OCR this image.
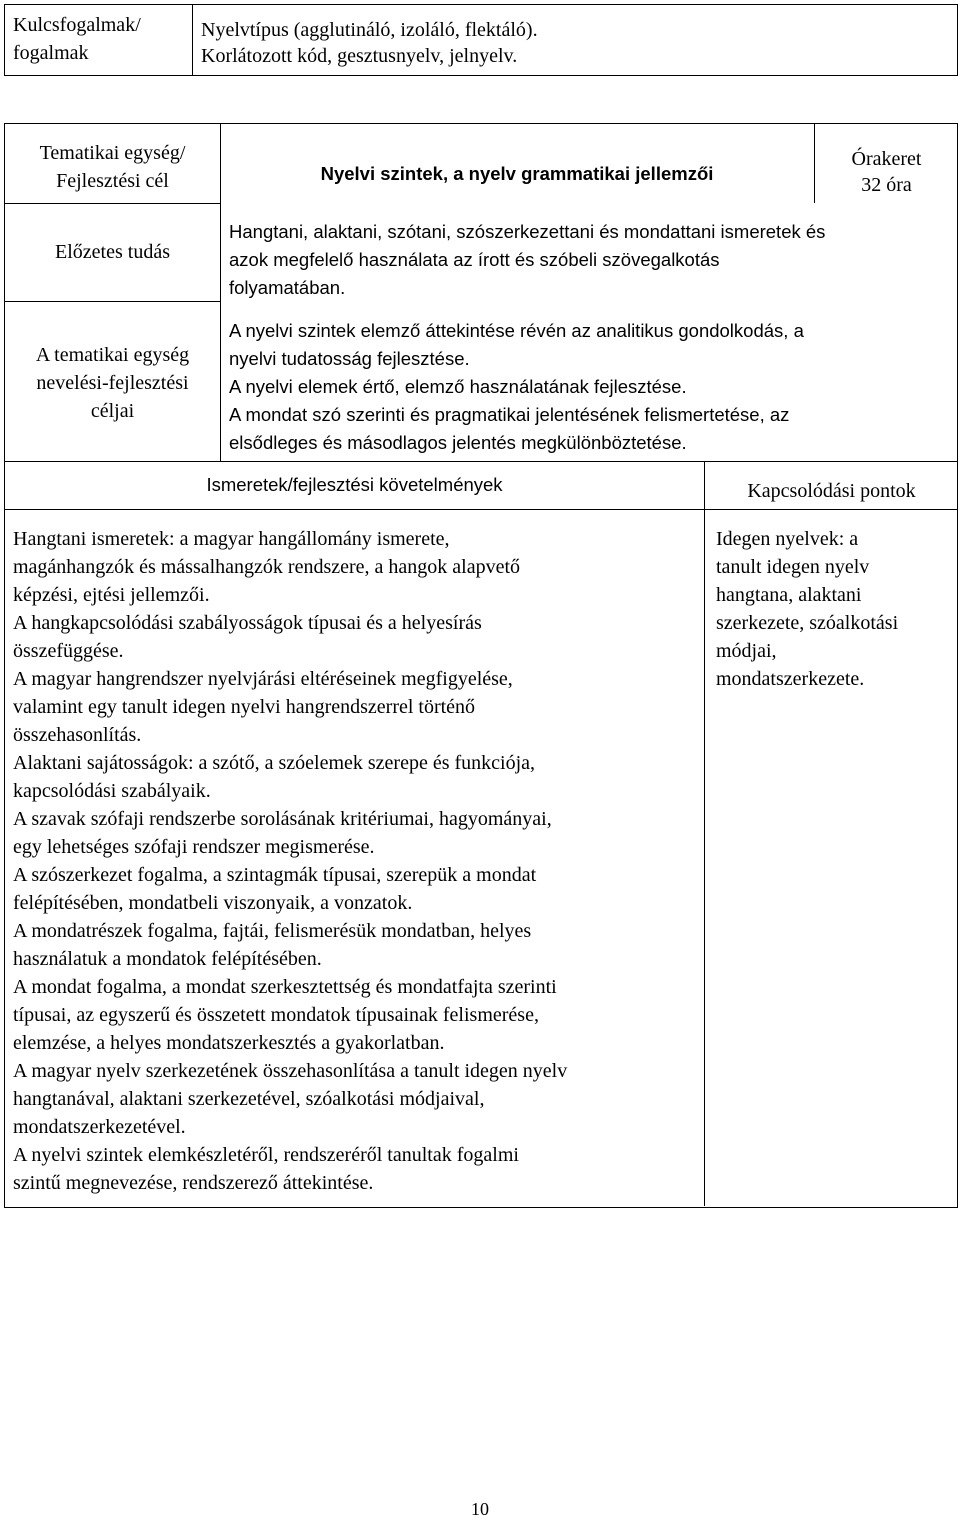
Kulcsfogalmak/
fogalmak
Nyelvtípus (agglutináló, izoláló, flektáló).
Korlátozott kód, gesztusnyelv, jelnyelv.
Tematikai egység/
Fejlesztési cél	Nyelvi szintek, a nyelv grammatikai jellemzői
Órakeret
32 óra
Előzetes tudás
Hangtani, alaktani, szótani, szószerkezettani és mondattani ismeretek és
azok megfelelő használata az írott és szóbeli szövegalkotás
folyamatában.
A tematikai egység
nevelési-fejlesztési
céljai
A nyelvi szintek elemző áttekintése révén az analitikus gondolkodás, a
nyelvi tudatosság fejlesztése.
A nyelvi elemek értő, elemző használatának fejlesztése.
A mondat szó szerinti és pragmatikai jelentésének felismertetése, az
elsődleges és másodlagos jelentés megkülönböztetése.
Ismeretek/fejlesztési követelmények	Kapcsolódási pontok
Hangtani ismeretek: a magyar hangállomány ismerete,
magánhangzók és mássalhangzók rendszere, a hangok alapvető
képzési, ejtési jellemzői.
A hangkapcsolódási szabályosságok típusai és a helyesírás
összefüggése.
A magyar hangrendszer nyelvjárási eltéréseinek megfigyelése,
valamint egy tanult idegen nyelvi hangrendszerrel történő
összehasonlítás.
Alaktani sajátosságok: a szótő, a szóelemek szerepe és funkciója,
kapcsolódási szabályaik.
A szavak szófaji rendszerbe sorolásának kritériumai, hagyományai,
egy lehetséges szófaji rendszer megismerése.
A szószerkezet fogalma, a szintagmák típusai, szerepük a mondat
felépítésében, mondatbeli viszonyaik, a vonzatok.
A mondatrészek fogalma, fajtái, felismerésük mondatban, helyes
használatuk a mondatok felépítésében.
A mondat fogalma, a mondat szerkesztettség és mondatfajta szerinti
típusai, az egyszerű és összetett mondatok típusainak felismerése,
elemzése, a helyes mondatszerkesztés a gyakorlatban.
A magyar nyelv szerkezetének összehasonlítása a tanult idegen nyelv
hangtanával, alaktani szerkezetével, szóalkotási módjaival,
mondatszerkezetével.
A nyelvi szintek elemkészletéről, rendszeréről tanultak fogalmi
szintű megnevezése, rendszerező áttekintése.
Idegen nyelvek: a
tanult idegen nyelv
hangtana, alaktani
szerkezete, szóalkotási
módjai,
mondatszerkezete.
10
